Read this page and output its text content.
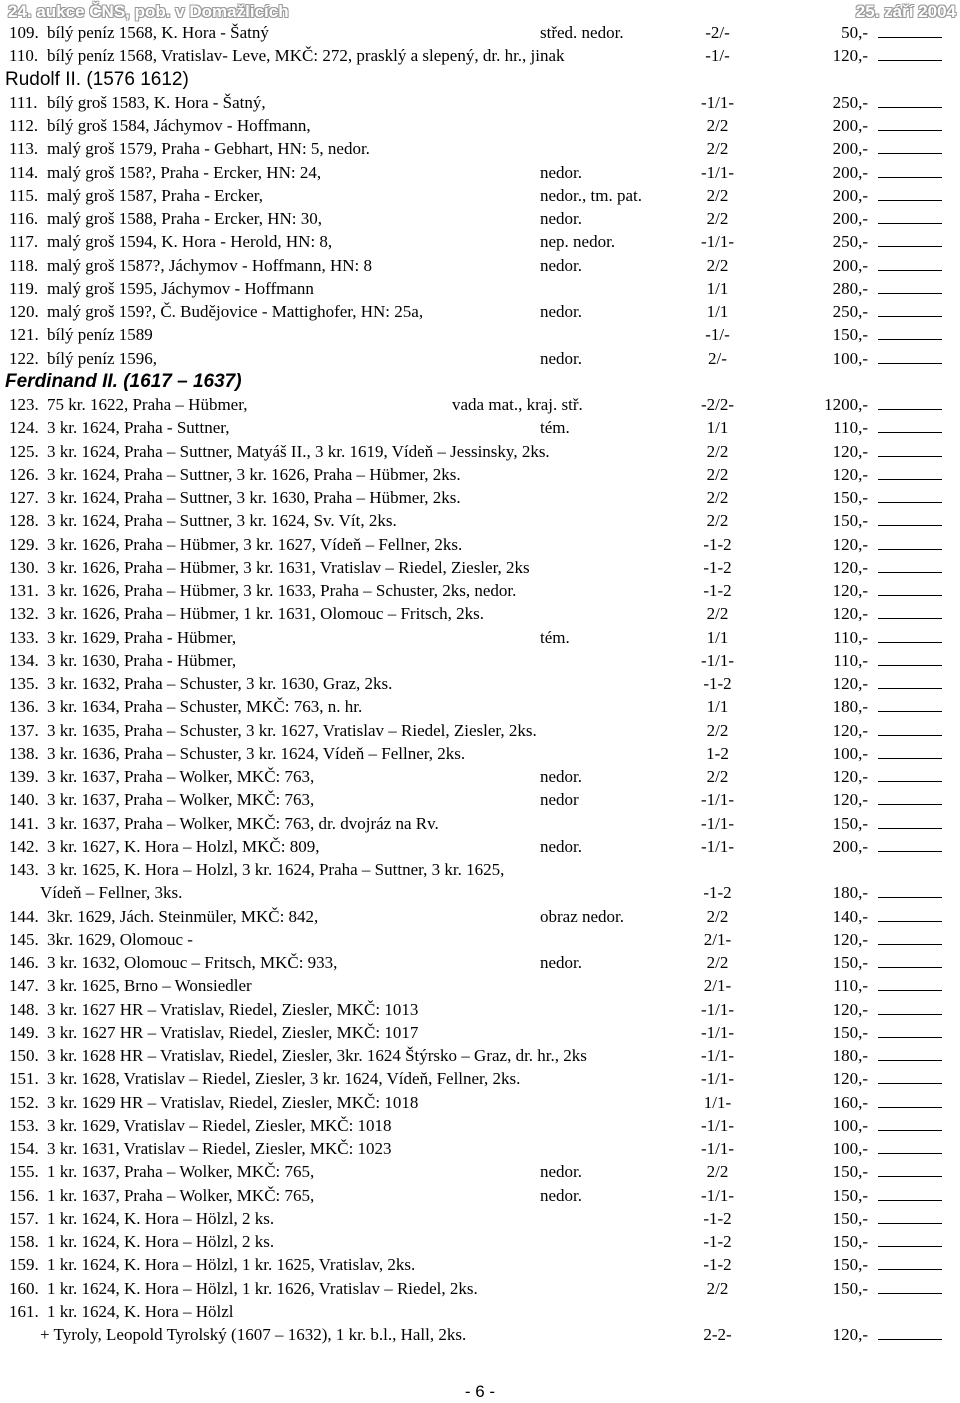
24. aukce ČNS, pob. v Domažlicích	25. září 2004
109. bílý peníz 1568, K. Hora - Šatný	střed. nedor.	-2/-	50,-
110. bílý peníz 1568, Vratislav- Leve, MKČ: 272, prasklý a slepený, dr. hr., jinak	-1/-	120,-
Rudolf II. (1576 1612)
111. bílý groš 1583, K. Hora - Šatný,	-1/1-	250,-
112. bílý groš 1584, Jáchymov - Hoffmann,	2/2	200,-
113. malý groš 1579, Praha - Gebhart, HN: 5, nedor.	2/2	200,-
114. malý groš 158?, Praha - Ercker, HN: 24,	nedor.	-1/1-	200,-
115. malý groš 1587, Praha - Ercker,	nedor., tm. pat.	2/2	200,-
116. malý groš 1588, Praha - Ercker, HN: 30,	nedor.	2/2	200,-
117. malý groš 1594, K. Hora - Herold, HN: 8,	nep. nedor.	-1/1-	250,-
118. malý groš 1587?, Jáchymov - Hoffmann, HN: 8	nedor.	2/2	200,-
119. malý groš 1595, Jáchymov - Hoffmann	1/1	280,-
120. malý groš 159?, Č. Budějovice - Mattighofer, HN: 25a,	nedor.	1/1	250,-
121. bílý peníz 1589	-1/-	150,-
122. bílý peníz 1596,	nedor.	2/-	100,-
Ferdinand II. (1617 – 1637)
123. 75 kr. 1622, Praha – Hübmer,	vada mat., kraj. stř.	-2/2-	1200,-
124. 3 kr. 1624, Praha - Suttner,	tém.	1/1	110,-
125. 3 kr. 1624, Praha – Suttner, Matyáš II., 3 kr. 1619, Vídeň – Jessinsky, 2ks.	2/2	120,-
126. 3 kr. 1624, Praha – Suttner, 3 kr. 1626, Praha – Hübmer, 2ks.	2/2	120,-
127. 3 kr. 1624, Praha – Suttner, 3 kr. 1630, Praha – Hübmer, 2ks.	2/2	150,-
128. 3 kr. 1624, Praha – Suttner, 3 kr. 1624, Sv. Vít, 2ks.	2/2	150,-
129. 3 kr. 1626, Praha – Hübmer, 3 kr. 1627, Vídeň – Fellner, 2ks.	-1-2	120,-
130. 3 kr. 1626, Praha – Hübmer, 3 kr. 1631, Vratislav – Riedel, Ziesler, 2ks	-1-2	120,-
131. 3 kr. 1626, Praha – Hübmer, 3 kr. 1633, Praha – Schuster, 2ks, nedor.	-1-2	120,-
132. 3 kr. 1626, Praha – Hübmer, 1 kr. 1631, Olomouc – Fritsch, 2ks.	2/2	120,-
133. 3 kr. 1629, Praha - Hübmer,	tém.	1/1	110,-
134. 3 kr. 1630, Praha - Hübmer,	-1/1-	110,-
135. 3 kr. 1632, Praha – Schuster, 3 kr. 1630, Graz, 2ks.	-1-2	120,-
136. 3 kr. 1634, Praha – Schuster, MKČ: 763, n. hr.	1/1	180,-
137. 3 kr. 1635, Praha – Schuster, 3 kr. 1627, Vratislav – Riedel, Ziesler, 2ks.	2/2	120,-
138. 3 kr. 1636, Praha – Schuster, 3 kr. 1624, Vídeň – Fellner, 2ks.	1-2	100,-
139. 3 kr. 1637, Praha – Wolker, MKČ: 763,	nedor.	2/2	120,-
140. 3 kr. 1637, Praha – Wolker, MKČ: 763,	nedor	-1/1-	120,-
141. 3 kr. 1637, Praha – Wolker, MKČ: 763, dr. dvojráz na Rv.	-1/1-	150,-
142. 3 kr. 1627, K. Hora – Holzl, MKČ: 809,	nedor.	-1/1-	200,-
143. 3 kr. 1625, K. Hora – Holzl, 3 kr. 1624, Praha – Suttner, 3 kr. 1625,
Vídeň – Fellner, 3ks.	-1-2	180,-
144. 3kr. 1629, Jách. Steinmüler, MKČ: 842,	obraz nedor.	2/2	140,-
145. 3kr. 1629, Olomouc -	2/1-	120,-
146. 3 kr. 1632, Olomouc – Fritsch, MKČ: 933,	nedor.	2/2	150,-
147. 3 kr. 1625, Brno – Wonsiedler	2/1-	110,-
148. 3 kr. 1627 HR – Vratislav, Riedel, Ziesler, MKČ: 1013	-1/1-	120,-
149. 3 kr. 1627 HR – Vratislav, Riedel, Ziesler, MKČ: 1017	-1/1-	150,-
150. 3 kr. 1628 HR – Vratislav, Riedel, Ziesler, 3kr. 1624 Štýrsko – Graz, dr. hr., 2ks	-1/1-	180,-
151. 3 kr. 1628, Vratislav – Riedel, Ziesler, 3 kr. 1624, Vídeň, Fellner, 2ks.	-1/1-	120,-
152. 3 kr. 1629 HR – Vratislav, Riedel, Ziesler, MKČ: 1018	1/1-	160,-
153. 3 kr. 1629, Vratislav – Riedel, Ziesler, MKČ: 1018	-1/1-	100,-
154. 3 kr. 1631, Vratislav – Riedel, Ziesler, MKČ: 1023	-1/1-	100,-
155. 1 kr. 1637, Praha – Wolker, MKČ: 765,	nedor.	2/2	150,-
156. 1 kr. 1637, Praha – Wolker, MKČ: 765,	nedor.	-1/1-	150,-
157. 1 kr. 1624, K. Hora – Hölzl, 2 ks.	-1-2	150,-
158. 1 kr. 1624, K. Hora – Hölzl, 2 ks.	-1-2	150,-
159. 1 kr. 1624, K. Hora – Hölzl, 1 kr. 1625, Vratislav, 2ks.	-1-2	150,-
160. 1 kr. 1624, K. Hora – Hölzl, 1 kr. 1626, Vratislav – Riedel, 2ks.	2/2	150,-
161. 1 kr. 1624, K. Hora – Hölzl
+ Tyroly, Leopold Tyrolský (1607 – 1632), 1 kr. b.l., Hall, 2ks.	2-2-	120,-
- 6 -
